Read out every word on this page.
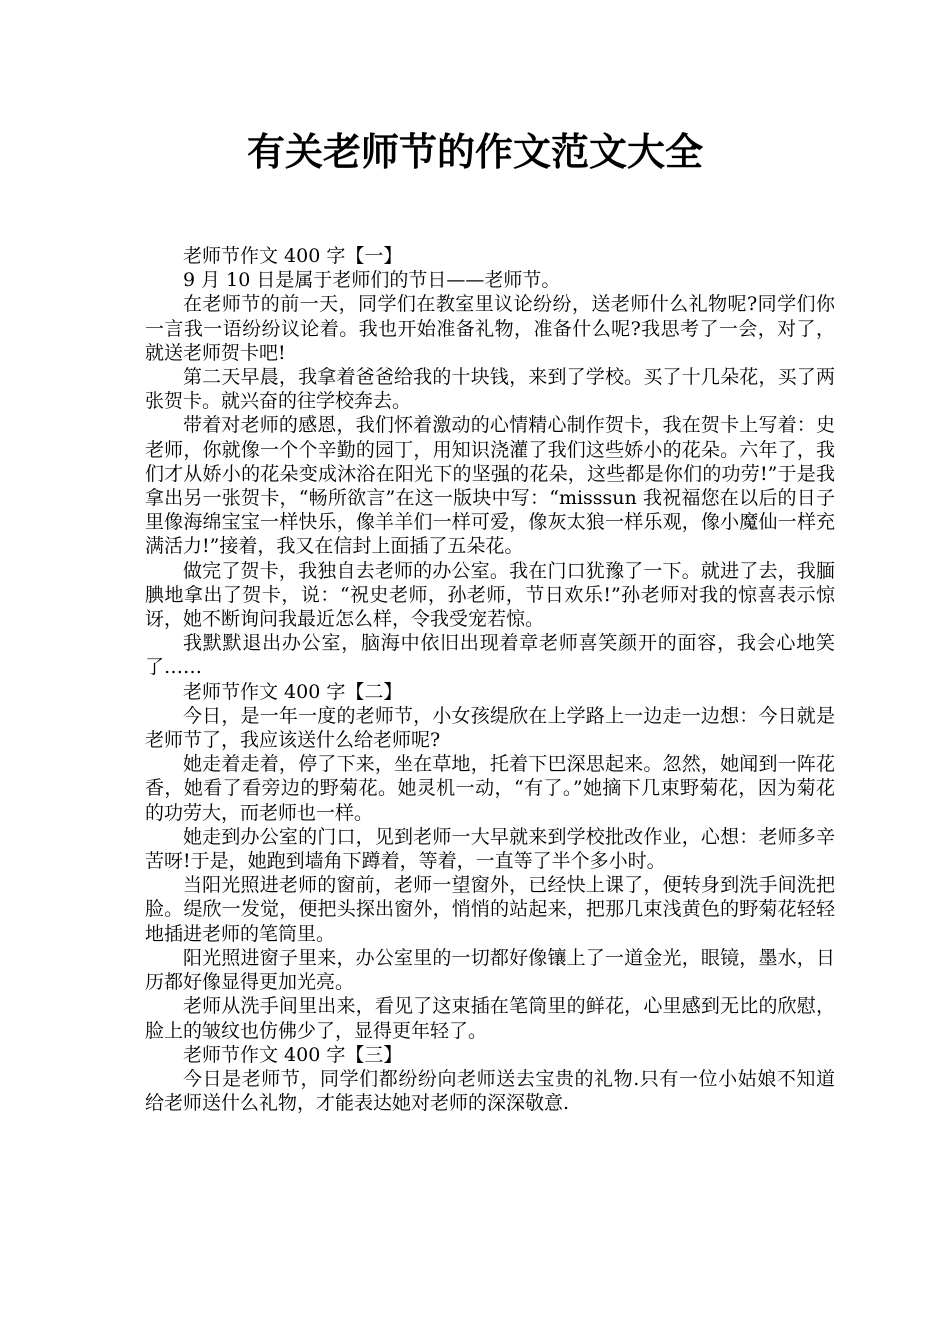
有关老师节的作文范文大全

老师节作文 400 字【一】

9 月 10 日是属于老师们的节日——老师节。

在老师节的前一天，同学们在教室里议论纷纷，送老师什么礼物呢?同学们你一言我一语纷纷议论着。我也开始准备礼物，准备什么呢?我思考了一会，对了，就送老师贺卡吧!

第二天早晨，我拿着爸爸给我的十块钱，来到了学校。买了十几朵花，买了两张贺卡。就兴奋的往学校奔去。

带着对老师的感恩，我们怀着激动的心情精心制作贺卡，我在贺卡上写着：史老师，你就像一个个辛勤的园丁，用知识浇灌了我们这些娇小的花朵。六年了，我们才从娇小的花朵变成沐浴在阳光下的坚强的花朵，这些都是你们的功劳!”于是我拿出另一张贺卡，“畅所欲言”在这一版块中写：“misssun 我祝福您在以后的日子里像海绵宝宝一样快乐，像羊羊们一样可爱，像灰太狼一样乐观，像小魔仙一样充满活力!”接着，我又在信封上面插了五朵花。

做完了贺卡，我独自去老师的办公室。我在门口犹豫了一下。就进了去，我腼腆地拿出了贺卡，说：“祝史老师，孙老师，节日欢乐!”孙老师对我的惊喜表示惊讶，她不断询问我最近怎么样，令我受宠若惊。

我默默退出办公室，脑海中依旧出现着章老师喜笑颜开的面容，我会心地笑了……

老师节作文 400 字【二】

今日，是一年一度的老师节，小女孩缇欣在上学路上一边走一边想：今日就是老师节了，我应该送什么给老师呢?

她走着走着，停了下来，坐在草地，托着下巴深思起来。忽然，她闻到一阵花香，她看了看旁边的野菊花。她灵机一动，“有了。”她摘下几束野菊花，因为菊花的功劳大，而老师也一样。

她走到办公室的门口，见到老师一大早就来到学校批改作业，心想：老师多辛苦呀!于是，她跑到墙角下蹲着，等着，一直等了半个多小时。

当阳光照进老师的窗前，老师一望窗外，已经快上课了，便转身到洗手间洗把脸。缇欣一发觉，便把头探出窗外，悄悄的站起来，把那几束浅黄色的野菊花轻轻地插进老师的笔筒里。

阳光照进窗子里来，办公室里的一切都好像镶上了一道金光，眼镜，墨水，日历都好像显得更加光亮。

老师从洗手间里出来，看见了这束插在笔筒里的鲜花，心里感到无比的欣慰，脸上的皱纹也仿佛少了，显得更年轻了。

老师节作文 400 字【三】

今日是老师节，同学们都纷纷向老师送去宝贵的礼物.只有一位小姑娘不知道给老师送什么礼物，才能表达她对老师的深深敬意.
